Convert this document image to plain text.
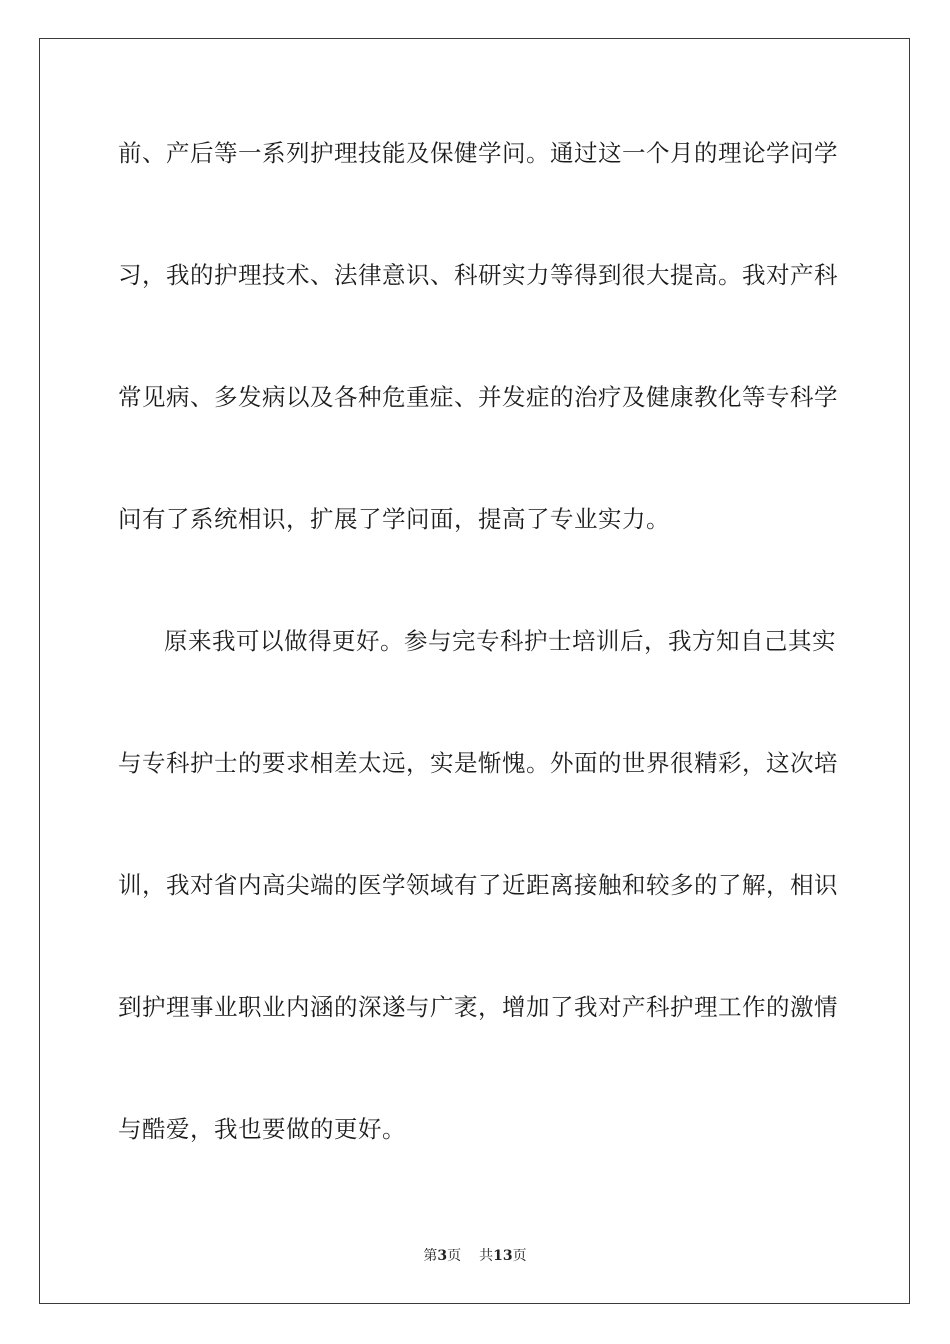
前、产后等一系列护理技能及保健学问。通过这一个月的理论学问学
习，我的护理技术、法律意识、科研实力等得到很大提高。我对产科
常见病、多发病以及各种危重症、并发症的治疗及健康教化等专科学
问有了系统相识，扩展了学问面，提高了专业实力。
原来我可以做得更好。参与完专科护士培训后，我方知自己其实
与专科护士的要求相差太远，实是惭愧。外面的世界很精彩，这次培
训，我对省内高尖端的医学领域有了近距离接触和较多的了解，相识
到护理事业职业内涵的深遂与广袤，增加了我对产科护理工作的激情
与酷爱，我也要做的更好。
第3页 共13页
